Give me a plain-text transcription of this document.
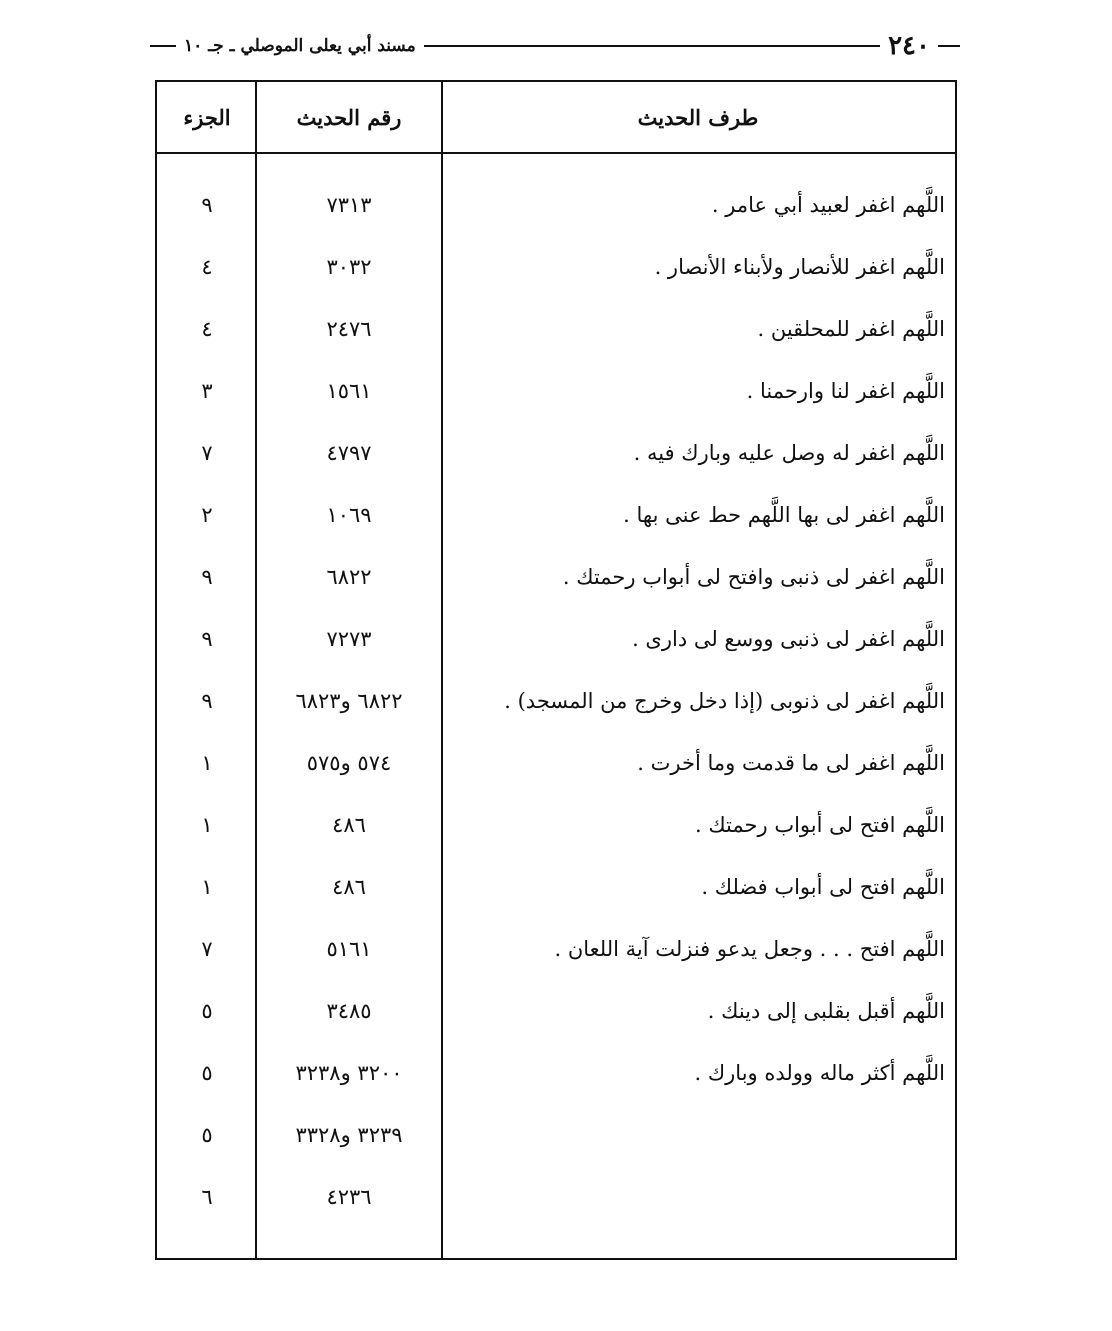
٢٤٠
مسند أبي يعلى الموصلي ـ جـ ١٠
طرف الحديث
رقم الحديث
الجزء
اللَّهم اغفر لعبيد أبي عامر .
٧٣١٣
٩
اللَّهم اغفر للأنصار ولأبناء الأنصار .
٣٠٣٢
٤
اللَّهم اغفر للمحلقين .
٢٤٧٦
٤
اللَّهم اغفر لنا وارحمنا .
١٥٦١
٣
اللَّهم اغفر له وصل عليه وبارك فيه .
٤٧٩٧
٧
اللَّهم اغفر لى بها اللَّهم حط عنى بها .
١٠٦٩
٢
اللَّهم اغفر لى ذنبى وافتح لى أبواب رحمتك .
٦٨٢٢
٩
اللَّهم اغفر لى ذنبى ووسع لى دارى .
٧٢٧٣
٩
اللَّهم اغفر لى ذنوبى (إذا دخل وخرج من المسجد) .
٦٨٢٢ و٦٨٢٣
٩
اللَّهم اغفر لى ما قدمت وما أخرت .
٥٧٤ و٥٧٥
١
اللَّهم افتح لى أبواب رحمتك .
٤٨٦
١
اللَّهم افتح لى أبواب فضلك .
٤٨٦
١
اللَّهم افتح . . . وجعل يدعو فنزلت آية اللعان .
٥١٦١
٧
اللَّهم أقبل بقلبى إلى دينك .
٣٤٨٥
٥
اللَّهم أكثر ماله وولده وبارك .
٣٢٠٠ و٣٢٣٨
٥
٣٢٣٩ و٣٣٢٨
٥
٤٢٣٦
٦
